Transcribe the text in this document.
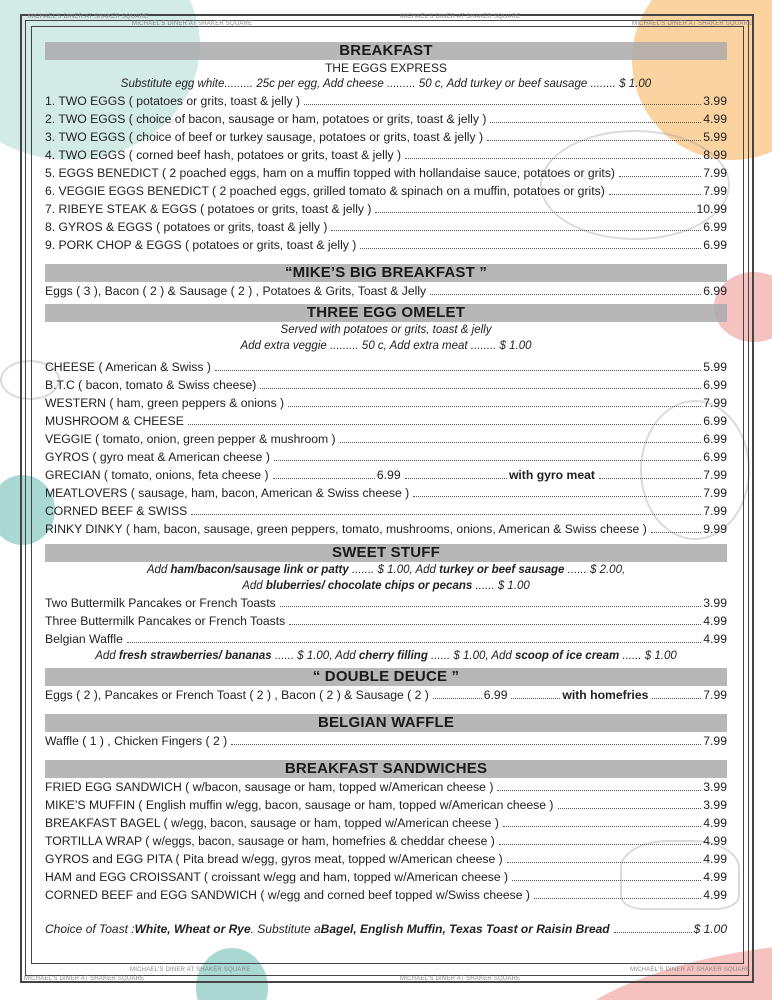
MICHAEL'S DINER AT SHAKER SQUARE
MICHAEL'S DINER AT SHAKER SQUARE
MICHAEL'S DINER AT SHAKER SQUARE
MICHAEL'S DINER AT SHAKER SQUARE
MICHAEL'S DINER AT SHAKER SQUARE
MICHAEL'S DINER AT SHAKER SQUARE
MICHAEL'S DINER AT SHAKER SQUARE
MICHAEL'S DINER AT SHAKER SQUARE
BREAKFAST
THE EGGS EXPRESS
Substitute egg white......... 25c per egg, Add cheese ......... 50 c, Add turkey or beef sausage ........ $ 1.00
1. TWO EGGS ( potatoes or grits, toast & jelly )	3.99
2. TWO EGGS ( choice of bacon, sausage or ham, potatoes or grits, toast & jelly )	4.99
3. TWO EGGS ( choice of beef or turkey sausage, potatoes or grits, toast & jelly )	5.99
4. TWO EGGS ( corned beef hash, potatoes or grits, toast & jelly )	8.99
5. EGGS BENEDICT ( 2 poached eggs, ham on a muffin topped with hollandaise sauce, potatoes or grits)	7.99
6. VEGGIE EGGS BENEDICT ( 2 poached eggs, grilled tomato & spinach on a muffin, potatoes or grits)	7.99
7. RIBEYE STEAK & EGGS ( potatoes or grits, toast & jelly )	10.99
8. GYROS & EGGS ( potatoes or grits, toast & jelly )	6.99
9. PORK CHOP & EGGS ( potatoes or grits, toast & jelly )	6.99
“MIKE’S BIG BREAKFAST ”
Eggs ( 3 ), Bacon ( 2 ) & Sausage ( 2 ) , Potatoes & Grits, Toast & Jelly	6.99
THREE EGG OMELET
Served with potatoes or grits, toast & jelly
Add extra veggie ......... 50 c, Add extra meat ........ $ 1.00
CHEESE ( American & Swiss )	5.99
B.T.C ( bacon, tomato & Swiss cheese)	6.99
WESTERN ( ham, green peppers & onions )	7.99
MUSHROOM & CHEESE	6.99
VEGGIE ( tomato, onion, green pepper & mushroom )	6.99
GYROS ( gyro meat & American cheese )	6.99
GRECIAN ( tomato, onions, feta cheese )	6.99	with gyro meat	7.99
MEATLOVERS ( sausage, ham, bacon, American & Swiss cheese )	7.99
CORNED BEEF & SWISS	7.99
RINKY DINKY ( ham, bacon, sausage, green peppers, tomato, mushrooms, onions, American & Swiss cheese )	9.99
SWEET STUFF
Add ham/bacon/sausage link or patty ....... $ 1.00, Add turkey or beef sausage ...... $ 2.00,
Add bluberries/ chocolate chips or pecans ...... $ 1.00
Two Buttermilk Pancakes or French Toasts	3.99
Three Buttermilk Pancakes or French Toasts	4.99
Belgian Waffle	4.99
Add fresh strawberries/ bananas ...... $ 1.00, Add cherry filling ...... $ 1.00, Add scoop of ice cream ...... $ 1.00
“ DOUBLE DEUCE ”
Eggs ( 2 ), Pancakes or French Toast ( 2 ) , Bacon ( 2 ) & Sausage ( 2 )	6.99	with homefries	7.99
BELGIAN WAFFLE
Waffle ( 1 ) , Chicken Fingers ( 2 )	7.99
BREAKFAST SANDWICHES
FRIED EGG SANDWICH ( w/bacon, sausage or ham, topped w/American cheese )	3.99
MIKE’S MUFFIN ( English muffin w/egg, bacon, sausage or ham, topped w/American cheese )	3.99
BREAKFAST BAGEL ( w/egg, bacon, sausage or ham, topped w/American cheese )	4.99
TORTILLA WRAP ( w/eggs, bacon, sausage or ham, homefries & cheddar cheese )	4.99
GYROS and EGG PITA ( Pita bread w/egg, gyros meat, topped w/American cheese )	4.99
HAM and EGG CROISSANT ( croissant w/egg and ham, topped w/American cheese )	4.99
CORNED BEEF and EGG SANDWICH ( w/egg and corned beef topped w/Swiss cheese )	4.99
Choice of Toast : White, Wheat or Rye . Substitute a Bagel, English Muffin, Texas Toast or Raisin Bread	$ 1.00
